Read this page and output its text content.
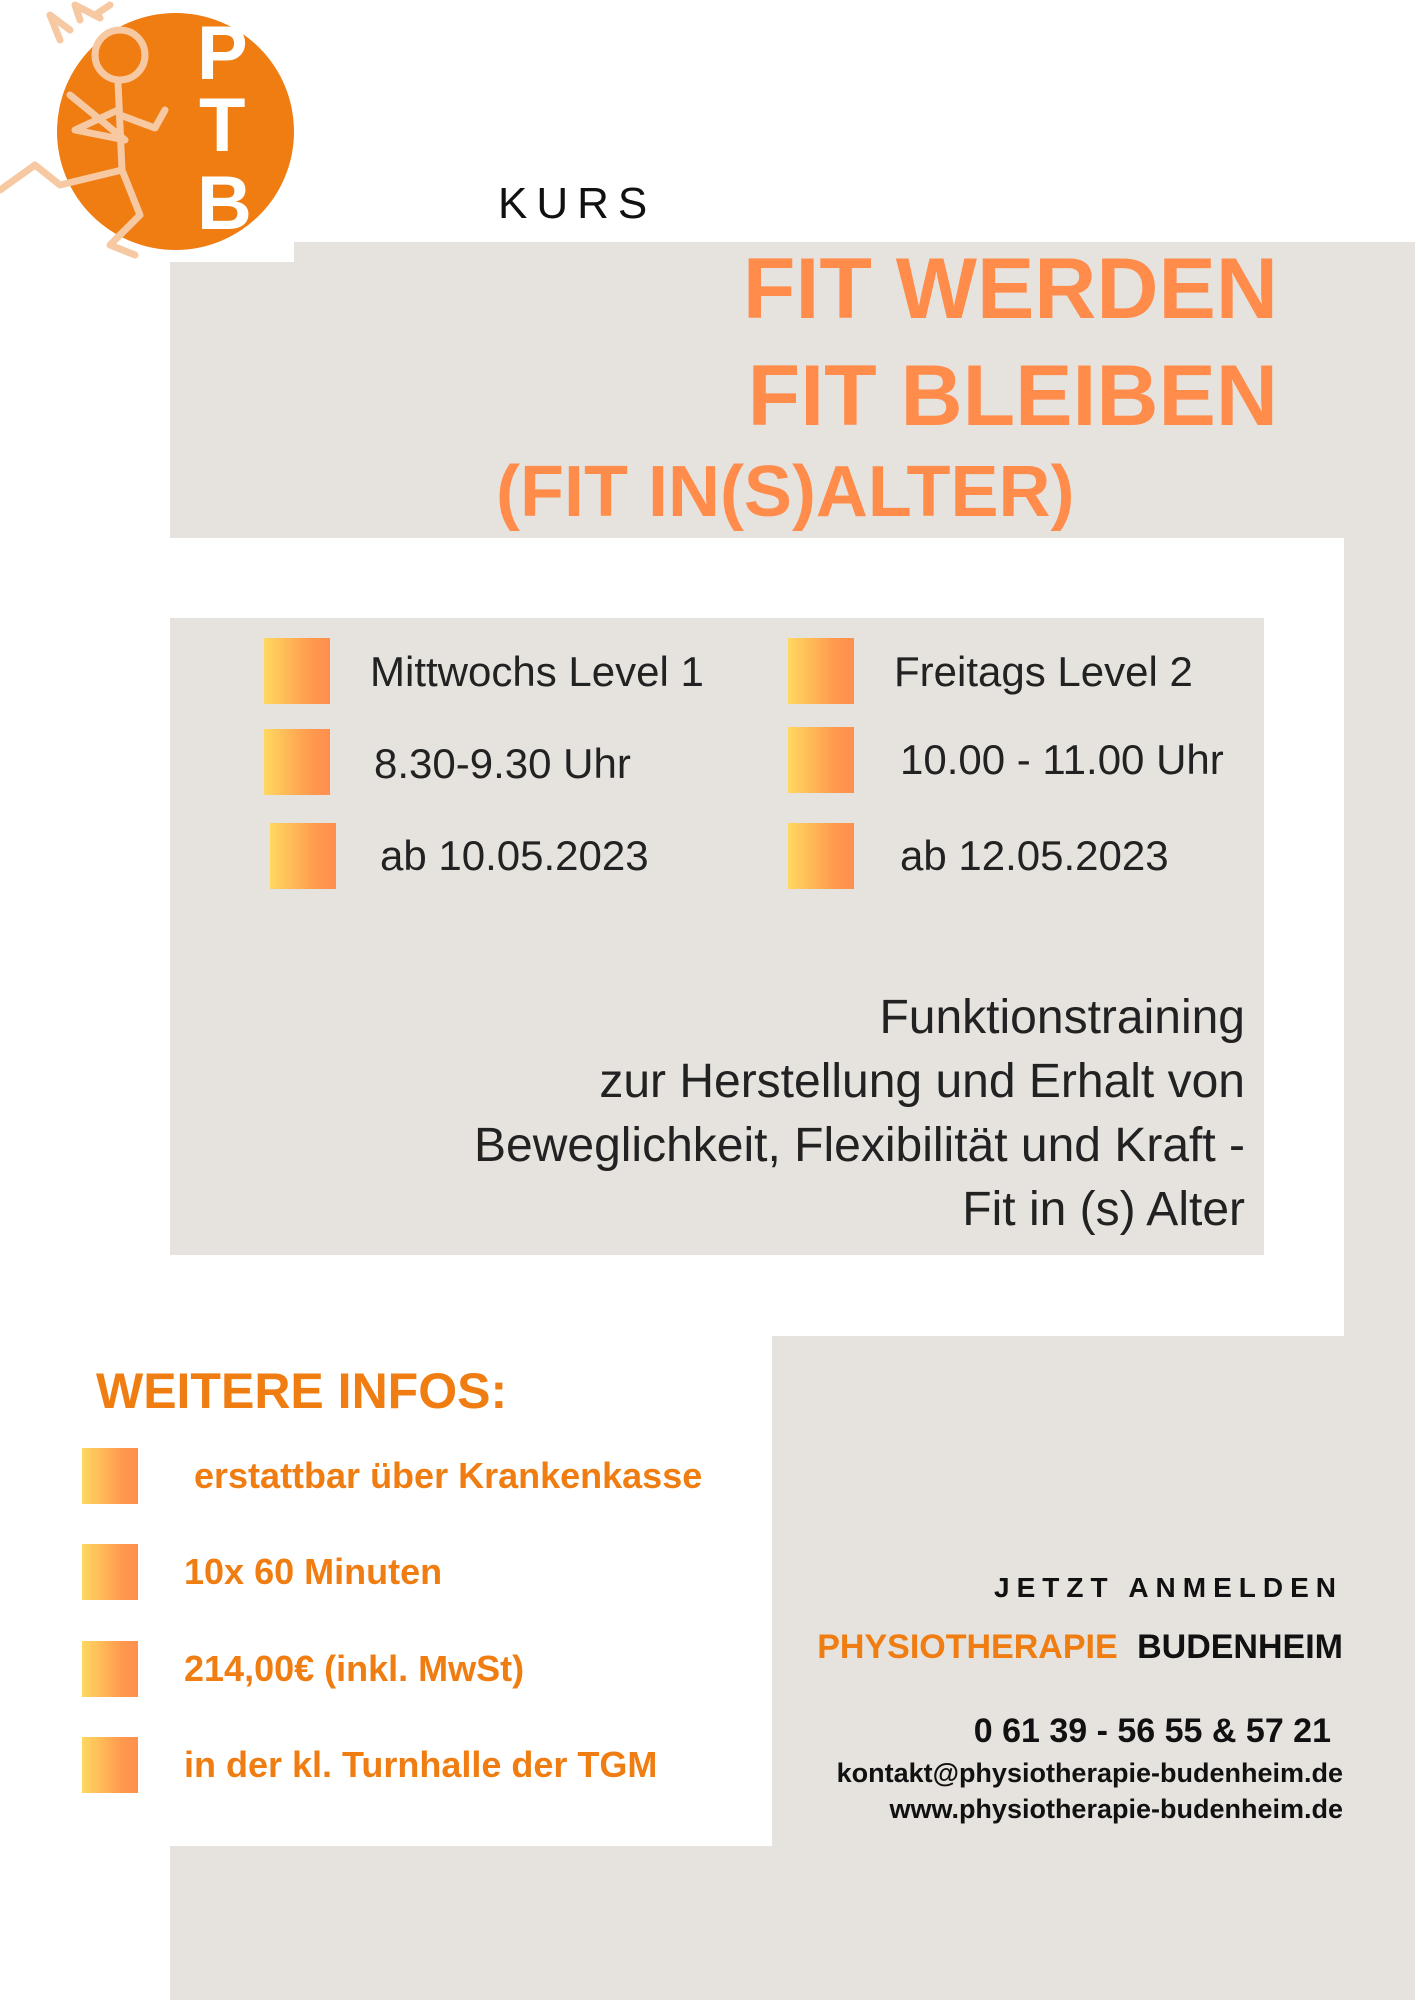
P
T
B	KURS
FIT WERDEN
FIT BLEIBEN
(FIT IN(S)ALTER)
Mittwochs Level 1
8.30-9.30 Uhr
ab 10.05.2023
Freitags Level 2
10.00 - 11.00 Uhr
ab 12.05.2023
Funktionstraining
zur Herstellung und Erhalt von
Beweglichkeit, Flexibilität und Kraft -
Fit in (s) Alter
WEITERE INFOS:
erstattbar über Krankenkasse
10x 60 Minuten
214,00€ (inkl. MwSt)
in der kl. Turnhalle der TGM
JETZT ANMELDEN
PHYSIOTHERAPIE BUDENHEIM
0 61 39 - 56 55 & 57 21
kontakt@physiotherapie-budenheim.de
www.physiotherapie-budenheim.de
